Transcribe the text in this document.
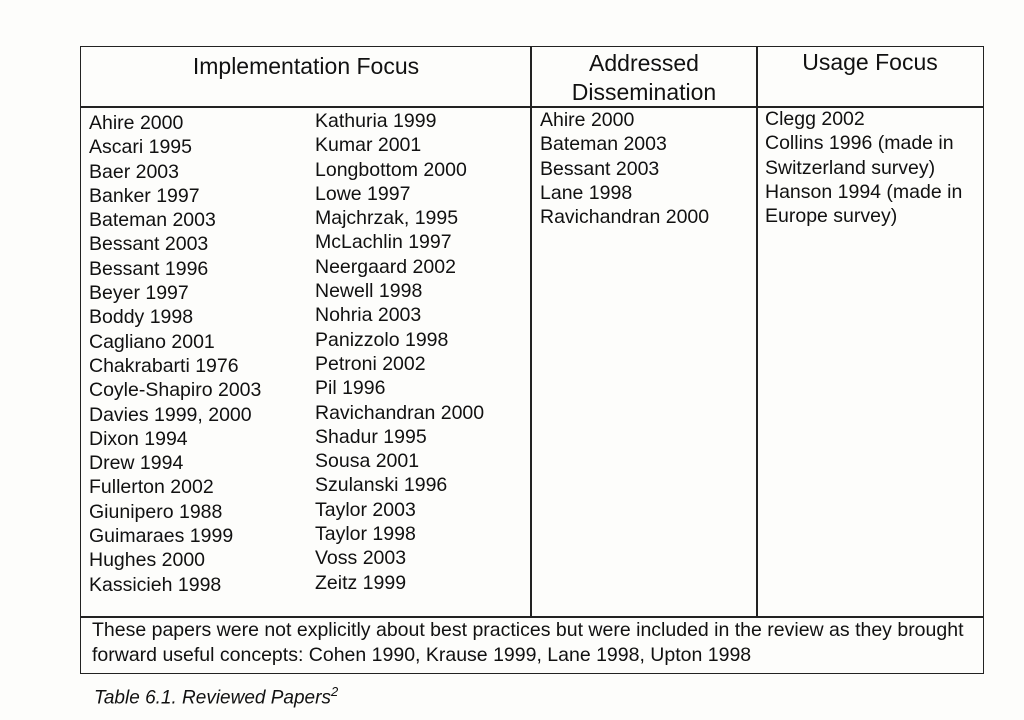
Implementation Focus	Addressed
Dissemination
Usage Focus
Ahire 2000
Ascari 1995
Baer 2003
Banker 1997
Bateman 2003
Bessant 2003
Bessant 1996
Beyer 1997
Boddy 1998
Cagliano 2001
Chakrabarti 1976
Coyle-Shapiro 2003
Davies 1999, 2000
Dixon 1994
Drew 1994
Fullerton 2002
Giunipero 1988
Guimaraes 1999
Hughes 2000
Kassicieh 1998
Kathuria 1999
Kumar 2001
Longbottom 2000
Lowe 1997
Majchrzak, 1995
McLachlin 1997
Neergaard 2002
Newell 1998
Nohria 2003
Panizzolo 1998
Petroni 2002
Pil 1996
Ravichandran 2000
Shadur 1995
Sousa 2001
Szulanski 1996
Taylor 2003
Taylor 1998
Voss 2003
Zeitz 1999
Ahire 2000
Bateman 2003
Bessant 2003
Lane 1998
Ravichandran 2000
Clegg 2002
Collins 1996 (made in Switzerland survey)
Hanson 1994 (made in Europe survey)
These papers were not explicitly about best practices but were included in the review as they brought forward useful concepts: Cohen 1990, Krause 1999, Lane 1998, Upton 1998
Table 6.1. Reviewed Papers$^2$
